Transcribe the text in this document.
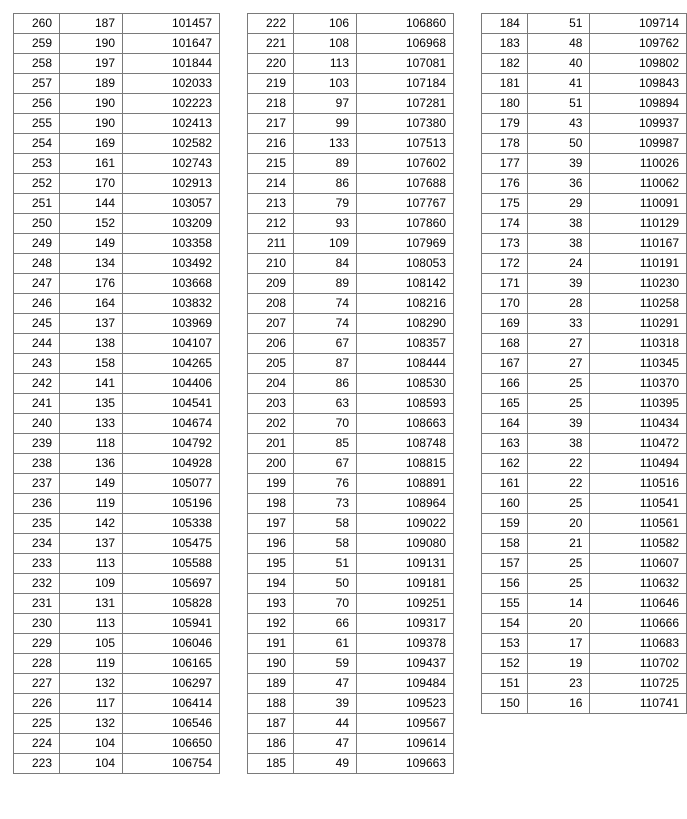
260	187	101457
259	190	101647
258	197	101844
257	189	102033
256	190	102223
255	190	102413
254	169	102582
253	161	102743
252	170	102913
251	144	103057
250	152	103209
249	149	103358
248	134	103492
247	176	103668
246	164	103832
245	137	103969
244	138	104107
243	158	104265
242	141	104406
241	135	104541
240	133	104674
239	118	104792
238	136	104928
237	149	105077
236	119	105196
235	142	105338
234	137	105475
233	113	105588
232	109	105697
231	131	105828
230	113	105941
229	105	106046
228	119	106165
227	132	106297
226	117	106414
225	132	106546
224	104	106650
223	104	106754
222	106	106860
221	108	106968
220	113	107081
219	103	107184
218	97	107281
217	99	107380
216	133	107513
215	89	107602
214	86	107688
213	79	107767
212	93	107860
211	109	107969
210	84	108053
209	89	108142
208	74	108216
207	74	108290
206	67	108357
205	87	108444
204	86	108530
203	63	108593
202	70	108663
201	85	108748
200	67	108815
199	76	108891
198	73	108964
197	58	109022
196	58	109080
195	51	109131
194	50	109181
193	70	109251
192	66	109317
191	61	109378
190	59	109437
189	47	109484
188	39	109523
187	44	109567
186	47	109614
185	49	109663
184	51	109714
183	48	109762
182	40	109802
181	41	109843
180	51	109894
179	43	109937
178	50	109987
177	39	110026
176	36	110062
175	29	110091
174	38	110129
173	38	110167
172	24	110191
171	39	110230
170	28	110258
169	33	110291
168	27	110318
167	27	110345
166	25	110370
165	25	110395
164	39	110434
163	38	110472
162	22	110494
161	22	110516
160	25	110541
159	20	110561
158	21	110582
157	25	110607
156	25	110632
155	14	110646
154	20	110666
153	17	110683
152	19	110702
151	23	110725
150	16	110741
